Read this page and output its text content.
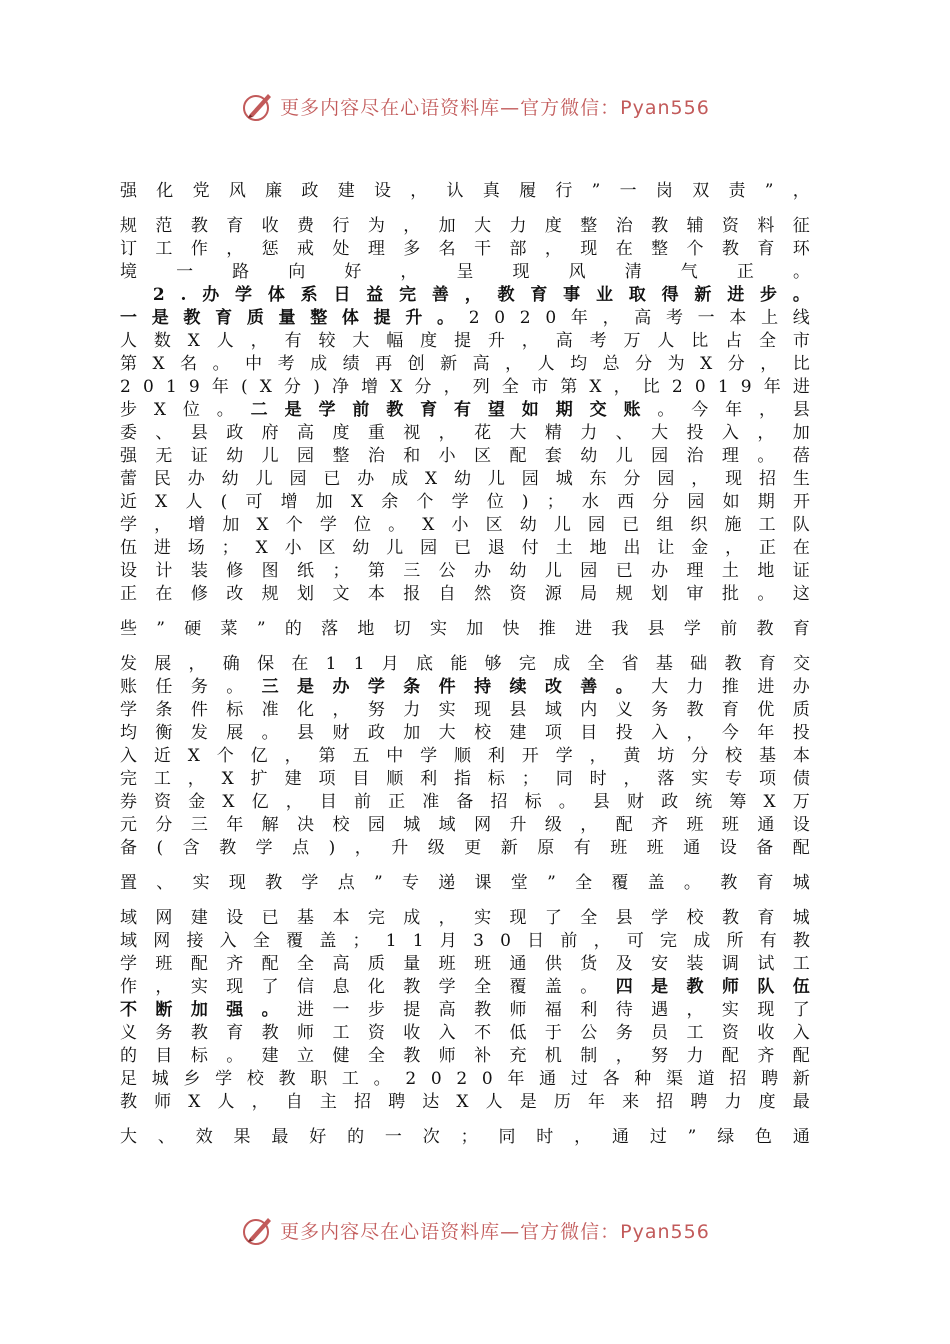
更多内容尽在心语资料库—官方微信：Pyan556
强 化 党 风 廉 政 建 设 ， 认 真 履 行 ” 一 岗 双 责 ” ，
规 范 教 育 收 费 行 为 ， 加 大 力 度 整 治 教 辅 资 料 征
订 工 作 ， 惩 戒 处 理 多 名 干 部 ， 现 在 整 个 教 育 环
境 一 路 向 好 ， 呈 现 风 清 气 正 。

2 . 办 学 体 系 日 益 完 善 ， 教 育 事 业 取 得 新 进 步 。
一 是 教 育 质 量 整 体 提 升 。 2 0 2 0 年 ， 高 考 一 本 上 线
人 数 X 人 ， 有 较 大 幅 度 提 升 ， 高 考 万 人 比 占 全 市
第 X 名 。 中 考 成 绩 再 创 新 高 ， 人 均 总 分 为 X 分 ， 比
2 0 1 9 年 ( X 分 ) 净 增 X 分 ， 列 全 市 第 X ， 比 2 0 1 9 年 进
步 X 位 。 二 是 学 前 教 育 有 望 如 期 交 账 。 今 年 ， 县
委 、 县 政 府 高 度 重 视 ， 花 大 精 力 、 大 投 入 ， 加
强 无 证 幼 儿 园 整 治 和 小 区 配 套 幼 儿 园 治 理 。 蓓
蕾 民 办 幼 儿 园 已 办 成 X 幼 儿 园 城 东 分 园 ， 现 招 生
近 X 人 ( 可 增 加 X 余 个 学 位 ) ； 水 西 分 园 如 期 开
学 ， 增 加 X 个 学 位 。 X 小 区 幼 儿 园 已 组 织 施 工 队
伍 进 场 ； X 小 区 幼 儿 园 已 退 付 土 地 出 让 金 ， 正 在
设 计 装 修 图 纸 ； 第 三 公 办 幼 儿 园 已 办 理 土 地 证
正 在 修 改 规 划 文 本 报 自 然 资 源 局 规 划 审 批 。 这
些 ” 硬 菜 ” 的 落 地 切 实 加 快 推 进 我 县 学 前 教 育
发 展 ， 确 保 在 1 1 月 底 能 够 完 成 全 省 基 础 教 育 交
账 任 务 。 三 是 办 学 条 件 持 续 改 善 。 大 力 推 进 办
学 条 件 标 准 化 ， 努 力 实 现 县 域 内 义 务 教 育 优 质
均 衡 发 展 。 县 财 政 加 大 校 建 项 目 投 入 ， 今 年 投
入 近 X 个 亿 ， 第 五 中 学 顺 利 开 学 ， 黄 坊 分 校 基 本
完 工 ， X 扩 建 项 目 顺 利 指 标 ； 同 时 ， 落 实 专 项 债
券 资 金 X 亿 ， 目 前 正 准 备 招 标 。 县 财 政 统 筹 X 万
元 分 三 年 解 决 校 园 城 域 网 升 级 ， 配 齐 班 班 通 设
备 ( 含 教 学 点 ) ， 升 级 更 新 原 有 班 班 通 设 备 配
置 、 实 现 教 学 点 ” 专 递 课 堂 ” 全 覆 盖 。 教 育 城
域 网 建 设 已 基 本 完 成 ， 实 现 了 全 县 学 校 教 育 城
域 网 接 入 全 覆 盖 ； 1 1 月 3 0 日 前 ， 可 完 成 所 有 教
学 班 配 齐 配 全 高 质 量 班 班 通 供 货 及 安 装 调 试 工
作 ， 实 现 了 信 息 化 教 学 全 覆 盖 。 四 是 教 师 队 伍
不 断 加 强 。 进 一 步 提 高 教 师 福 利 待 遇 ， 实 现 了
义 务 教 育 教 师 工 资 收 入 不 低 于 公 务 员 工 资 收 入
的 目 标 。 建 立 健 全 教 师 补 充 机 制 ， 努 力 配 齐 配
足 城 乡 学 校 教 职 工 。 2 0 2 0 年 通 过 各 种 渠 道 招 聘 新
教 师 X 人 ， 自 主 招 聘 达 X 人 是 历 年 来 招 聘 力 度 最
大 、 效 果 最 好 的 一 次 ； 同 时 ， 通 过 ” 绿 色 通
更多内容尽在心语资料库—官方微信：Pyan556
